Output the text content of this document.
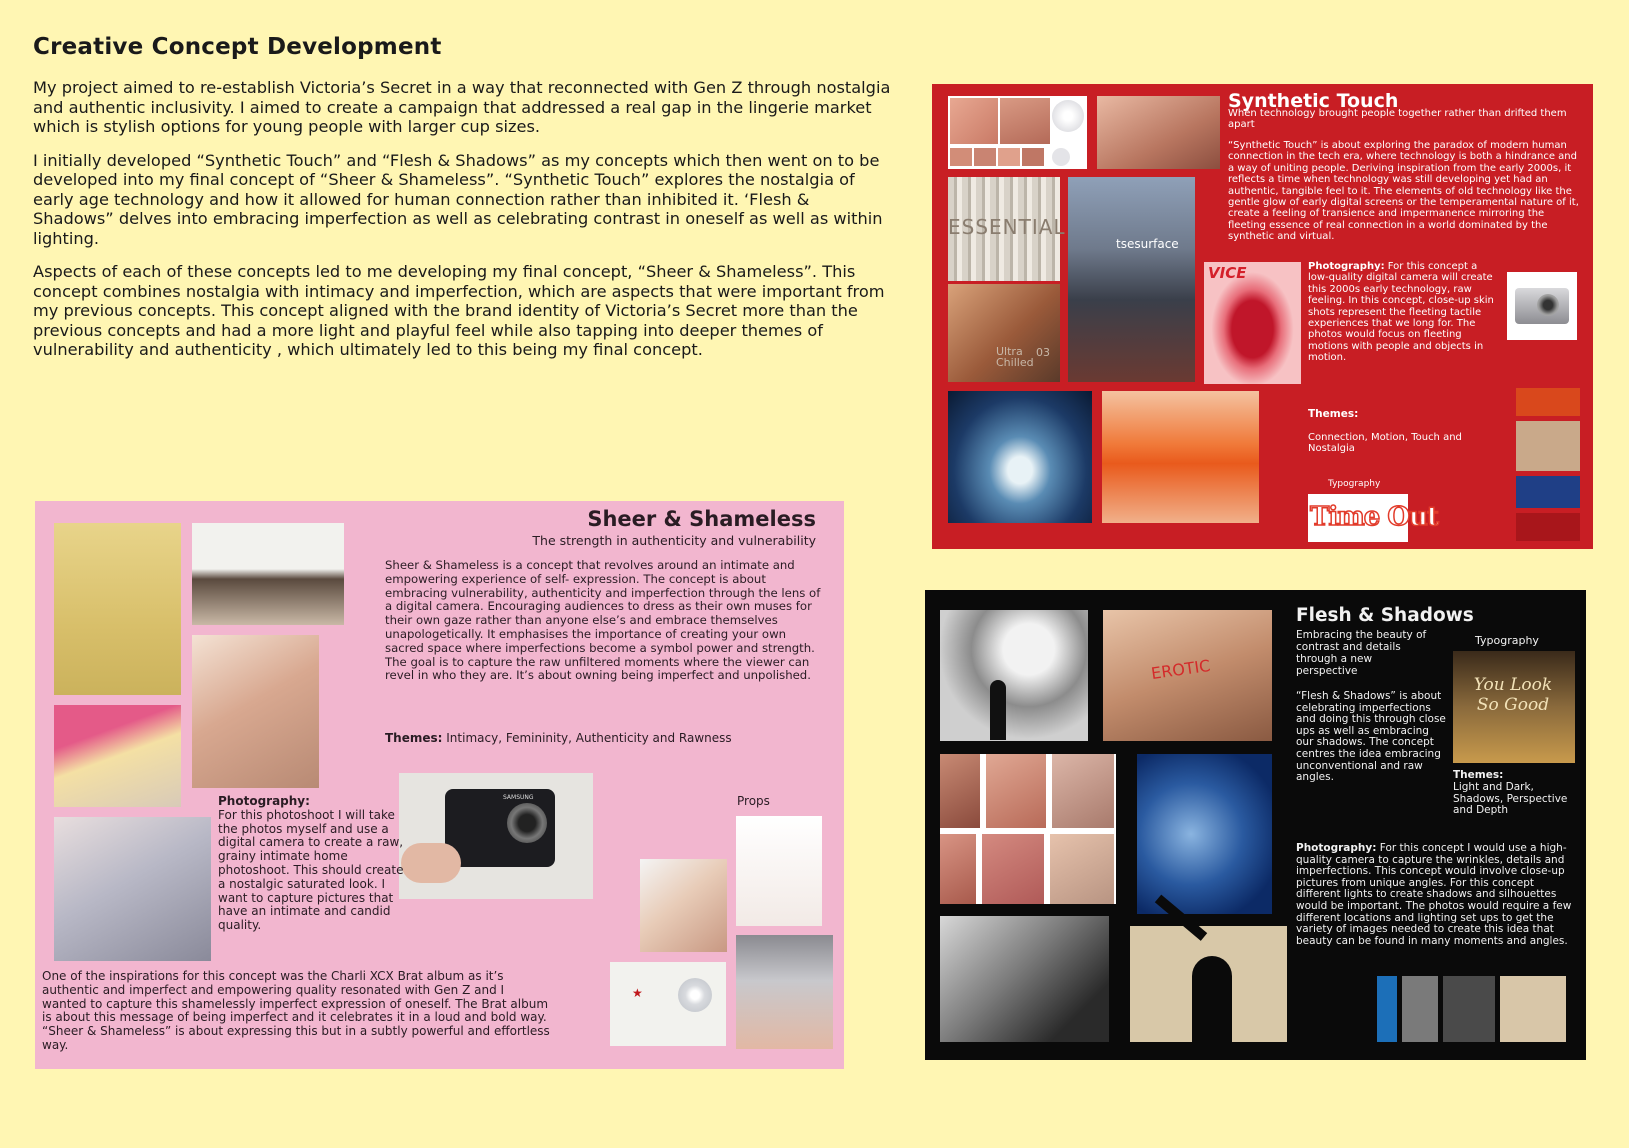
Creative Concept Development

My project aimed to re-establish Victoria’s Secret in a way that reconnected with Gen Z through nostalgia and authentic inclusivity. I aimed to create a campaign that addressed a real gap in the lingerie market which is stylish options for young people with larger cup sizes.

I initially developed “Synthetic Touch” and “Flesh & Shadows” as my concepts which then went on to be developed into my final concept of “Sheer & Shameless”. “Synthetic Touch” explores the nostalgia of early age technology and how it allowed for human connection rather than inhibited it. ‘Flesh & Shadows” delves into embracing imperfection as well as celebrating contrast in oneself as well as within lighting.

Aspects of each of these concepts led to me developing my final concept, “Sheer & Shameless”. This concept combines nostalgia with intimacy and imperfection, which are aspects that were important from my previous concepts. This concept aligned with the brand identity of Victoria’s Secret more than the previous concepts and had a more light and playful feel while also tapping into deeper themes of vulnerability and authenticity , which ultimately led to this being my final concept.

ESSENTIAL
tsesurface
VICE
Ultra Chilled
03
Synthetic Touch
When technology brought people together rather than drifted them apart
“Synthetic Touch” is about exploring the paradox of modern human connection in the tech era, where technology is both a hindrance and a way of uniting people. Deriving inspiration from the early 2000s, it reflects a time when technology was still developing yet had an authentic, tangible feel to it. The elements of old technology like the gentle glow of early digital screens or the temperamental nature of it, create a feeling of transience and impermanence mirroring the fleeting essence of real connection in a world dominated by the synthetic and virtual.
Photography: For this concept a low-quality digital camera will create this 2000s early technology, raw feeling. In this concept, close-up skin shots represent the fleeting tactile experiences that we long for. The photos would focus on fleeting motions with people and objects in motion.
Themes:
Connection, Motion, Touch and Nostalgia
Typography
Time Out
Sheer & Shameless
The strength in authenticity and vulnerability
Sheer & Shameless is a concept that revolves around an intimate and empowering experience of self- expression. The concept is about embracing vulnerability, authenticity and imperfection through the lens of a digital camera. Encouraging audiences to dress as their own muses for their own gaze rather than anyone else’s and embrace themselves unapologetically. It emphasises the importance of creating your own sacred space where imperfections become a symbol power and strength. The goal is to capture the raw unfiltered moments where the viewer can revel in who they are. It’s about owning being imperfect and unpolished.
Themes: Intimacy, Femininity, Authenticity and Rawness
SAMSUNG
Photography:
For this photoshoot I will take the photos myself and use a digital camera to create a raw, grainy intimate home photoshoot. This should create a nostalgic saturated look. I want to capture pictures that have an intimate and candid quality.
Props
★
One of the inspirations for this concept was the Charli XCX Brat album as it’s authentic and imperfect and empowering quality resonated with Gen Z and I wanted to capture this shamelessly imperfect expression of oneself. The Brat album is about this message of being imperfect and it celebrates it in a loud and bold way. “Sheer & Shameless” is about expressing this but in a subtly powerful and effortless way.
EROTIC
Flesh & Shadows
Embracing the beauty of contrast and details through a new perspective
“Flesh & Shadows” is about celebrating imperfections and doing this through close ups as well as embracing our shadows. The concept centres the idea embracing unconventional and raw angles.
Typography
You Look So Good
Themes:
Light and Dark, Shadows, Perspective and Depth
Photography: For this concept I would use a high-quality camera to capture the wrinkles, details and imperfections. This concept would involve close-up pictures from unique angles. For this concept different lights to create shadows and silhouettes would be important. The photos would require a few different locations and lighting set ups to get the variety of images needed to create this idea that beauty can be found in many moments and angles.
